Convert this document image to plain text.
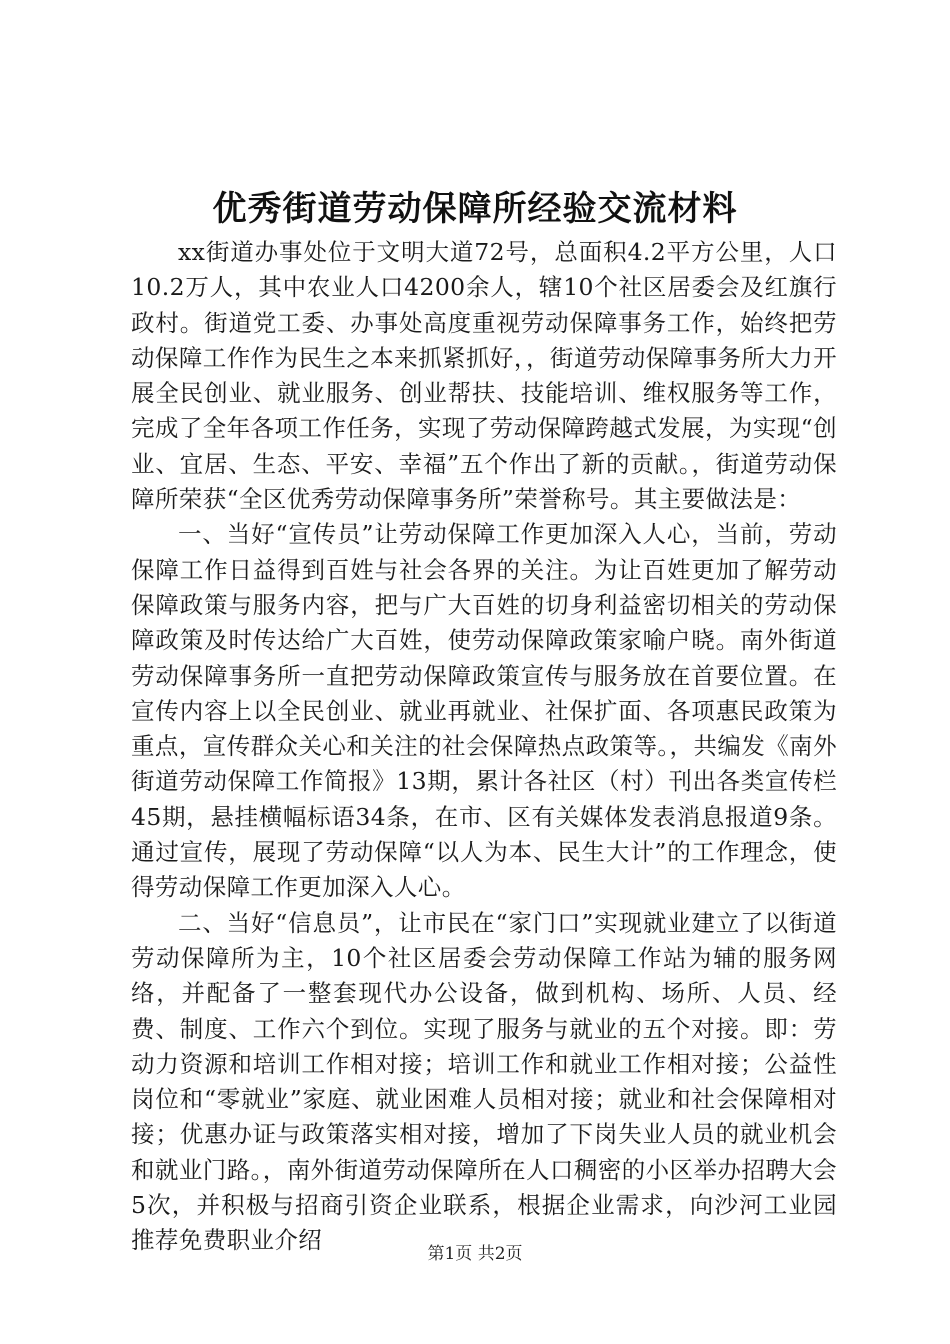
优秀街道劳动保障所经验交流材料

xx街道办事处位于文明大道72号，总面积4.2平方公里，人口10.2万人，其中农业人口4200余人，辖10个社区居委会及红旗行政村。街道党工委、办事处高度重视劳动保障事务工作，始终把劳动保障工作作为民生之本来抓紧抓好，，街道劳动保障事务所大力开展全民创业、就业服务、创业帮扶、技能培训、维权服务等工作，完成了全年各项工作任务，实现了劳动保障跨越式发展，为实现“创业、宜居、生态、平安、幸福”五个作出了新的贡献。，街道劳动保障所荣获“全区优秀劳动保障事务所”荣誉称号。其主要做法是：

一、当好“宣传员”让劳动保障工作更加深入人心，当前，劳动保障工作日益得到百姓与社会各界的关注。为让百姓更加了解劳动保障政策与服务内容，把与广大百姓的切身利益密切相关的劳动保障政策及时传达给广大百姓，使劳动保障政策家喻户晓。南外街道劳动保障事务所一直把劳动保障政策宣传与服务放在首要位置。在宣传内容上以全民创业、就业再就业、社保扩面、各项惠民政策为重点，宣传群众关心和关注的社会保障热点政策等。，共编发《南外街道劳动保障工作简报》13期，累计各社区（村）刊出各类宣传栏45期，悬挂横幅标语34条，在市、区有关媒体发表消息报道9条。通过宣传，展现了劳动保障“以人为本、民生大计”的工作理念，使得劳动保障工作更加深入人心。

二、当好“信息员”，让市民在“家门口”实现就业建立了以街道劳动保障所为主，10个社区居委会劳动保障工作站为辅的服务网络，并配备了一整套现代办公设备，做到机构、场所、人员、经费、制度、工作六个到位。实现了服务与就业的五个对接。即：劳动力资源和培训工作相对接；培训工作和就业工作相对接；公益性岗位和“零就业”家庭、就业困难人员相对接；就业和社会保障相对接；优惠办证与政策落实相对接，增加了下岗失业人员的就业机会和就业门路。，南外街道劳动保障所在人口稠密的小区举办招聘大会5次，并积极与招商引资企业联系，根据企业需求，向沙河工业园推荐免费职业介绍	第1页 共2页
